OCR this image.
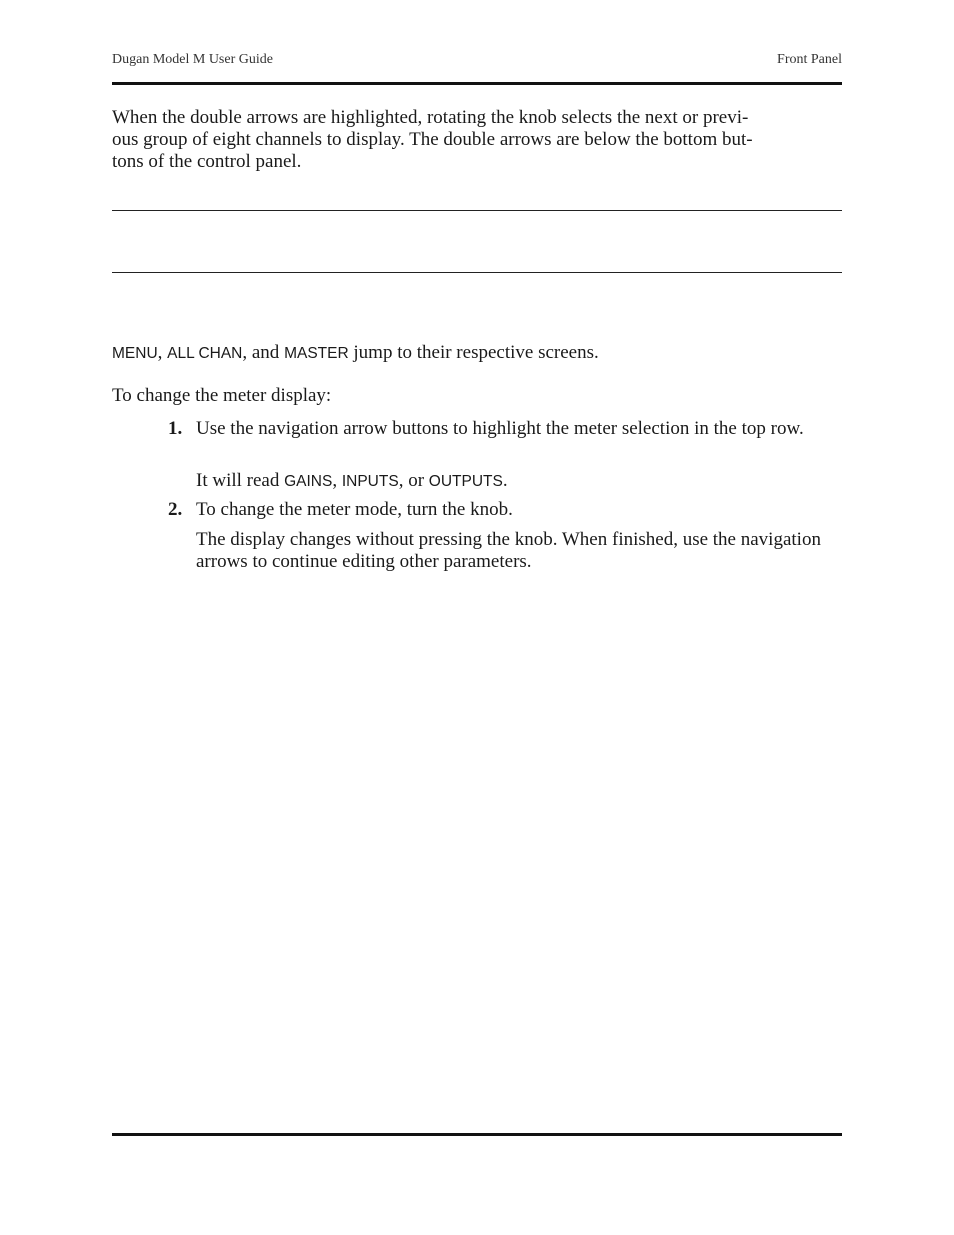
Dugan Model M User Guide	Front Panel
When the double arrows are highlighted, rotating the knob selects the next or previ-
ous group of eight channels to display. The double arrows are below the bottom but-
tons of the control panel.
MENU, ALL CHAN, and MASTER jump to their respective screens.
To change the meter display:
1. Use the navigation arrow buttons to highlight the meter selection in the top row.
It will read GAINS, INPUTS, or OUTPUTS.
2. To change the meter mode, turn the knob.
The display changes without pressing the knob. When finished, use the navigation arrows to continue editing other parameters.
